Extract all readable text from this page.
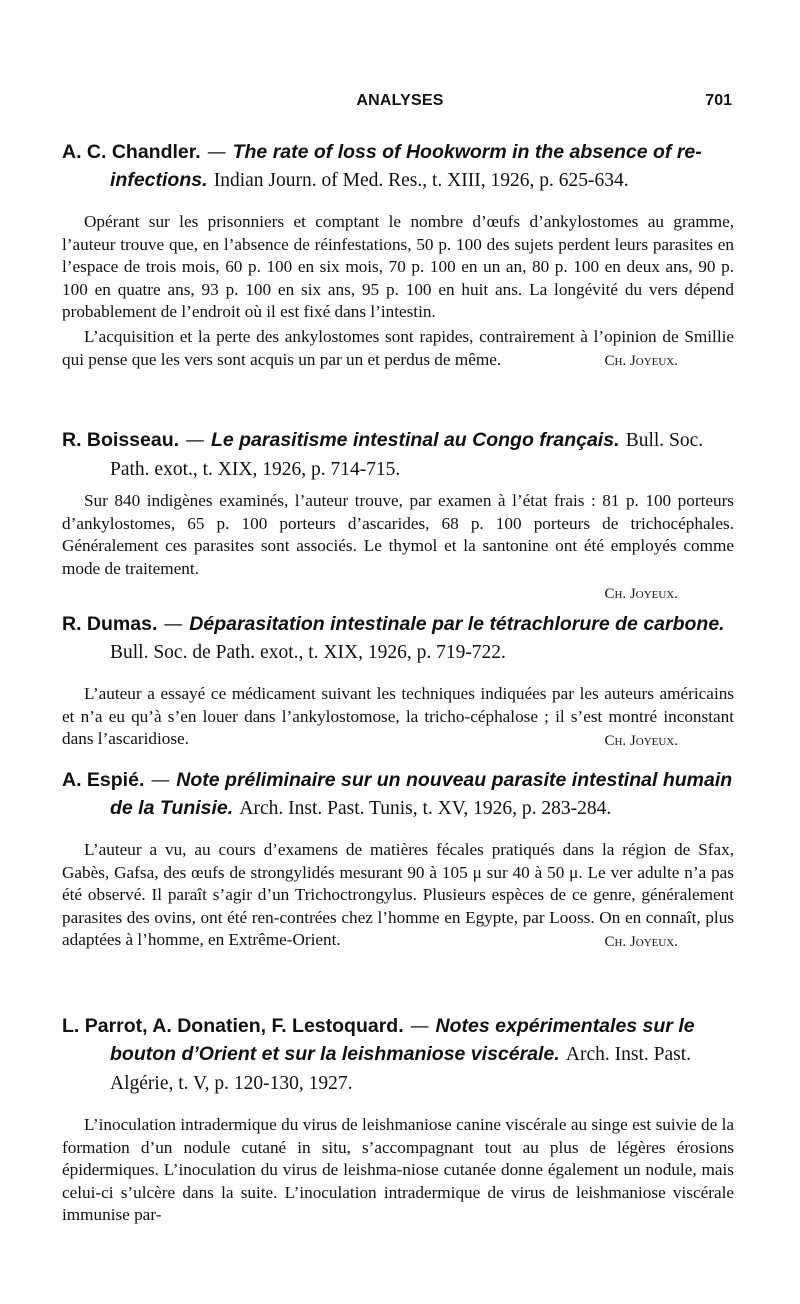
ANALYSES	701
A. C. Chandler. — The rate of loss of Hookworm in the absence of re-infections. Indian Journ. of Med. Res., t. XIII, 1926, p. 625-634.

Opérant sur les prisonniers et comptant le nombre d’œufs d’ankylostomes au gramme, l’auteur trouve que, en l’absence de réinfestations, 50 p. 100 des sujets perdent leurs parasites en l’espace de trois mois, 60 p. 100 en six mois, 70 p. 100 en un an, 80 p. 100 en deux ans, 90 p. 100 en quatre ans, 93 p. 100 en six ans, 95 p. 100 en huit ans. La longévité du vers dépend probablement de l’endroit où il est fixé dans l’intestin.

L’acquisition et la perte des ankylostomes sont rapides, contrairement à l’opinion de Smillie qui pense que les vers sont acquis un par un et perdus de même.	Ch. Joyeux.
R. Boisseau. — Le parasitisme intestinal au Congo français. Bull. Soc. Path. exot., t. XIX, 1926, p. 714-715.

Sur 840 indigènes examinés, l’auteur trouve, par examen à l’état frais : 81 p. 100 porteurs d’ankylostomes, 65 p. 100 porteurs d’ascarides, 68 p. 100 porteurs de trichocéphales. Généralement ces parasites sont associés. Le thymol et la santonine ont été employés comme mode de traitement.

Ch. Joyeux.
R. Dumas. — Déparasitation intestinale par le tétrachlorure de carbone. Bull. Soc. de Path. exot., t. XIX, 1926, p. 719-722.

L’auteur a essayé ce médicament suivant les techniques indiquées par les auteurs américains et n’a eu qu’à s’en louer dans l’ankylostomose, la tricho-céphalose ; il s’est montré inconstant dans l’ascaridiose.	Ch. Joyeux.
A. Espié. — Note préliminaire sur un nouveau parasite intestinal humain de la Tunisie. Arch. Inst. Past. Tunis, t. XV, 1926, p. 283-284.

L’auteur a vu, au cours d’examens de matières fécales pratiqués dans la région de Sfax, Gabès, Gafsa, des œufs de strongylidés mesurant 90 à 105 μ sur 40 à 50 μ. Le ver adulte n’a pas été observé. Il paraît s’agir d’un Trichoctrongylus. Plusieurs espèces de ce genre, généralement parasites des ovins, ont été ren-contrées chez l’homme en Egypte, par Looss. On en connaît, plus adaptées à l’homme, en Extrême-Orient.	Ch. Joyeux.
L. Parrot, A. Donatien, F. Lestoquard. — Notes expérimentales sur le bouton d’Orient et sur la leishmaniose viscérale. Arch. Inst. Past. Algérie, t. V, p. 120-130, 1927.

L’inoculation intradermique du virus de leishmaniose canine viscérale au singe est suivie de la formation d’un nodule cutané in situ, s’accompagnant tout au plus de légères érosions épidermiques. L’inoculation du virus de leishma-niose cutanée donne également un nodule, mais celui-ci s’ulcère dans la suite. L’inoculation intradermique de virus de leishmaniose viscérale immunise par-
